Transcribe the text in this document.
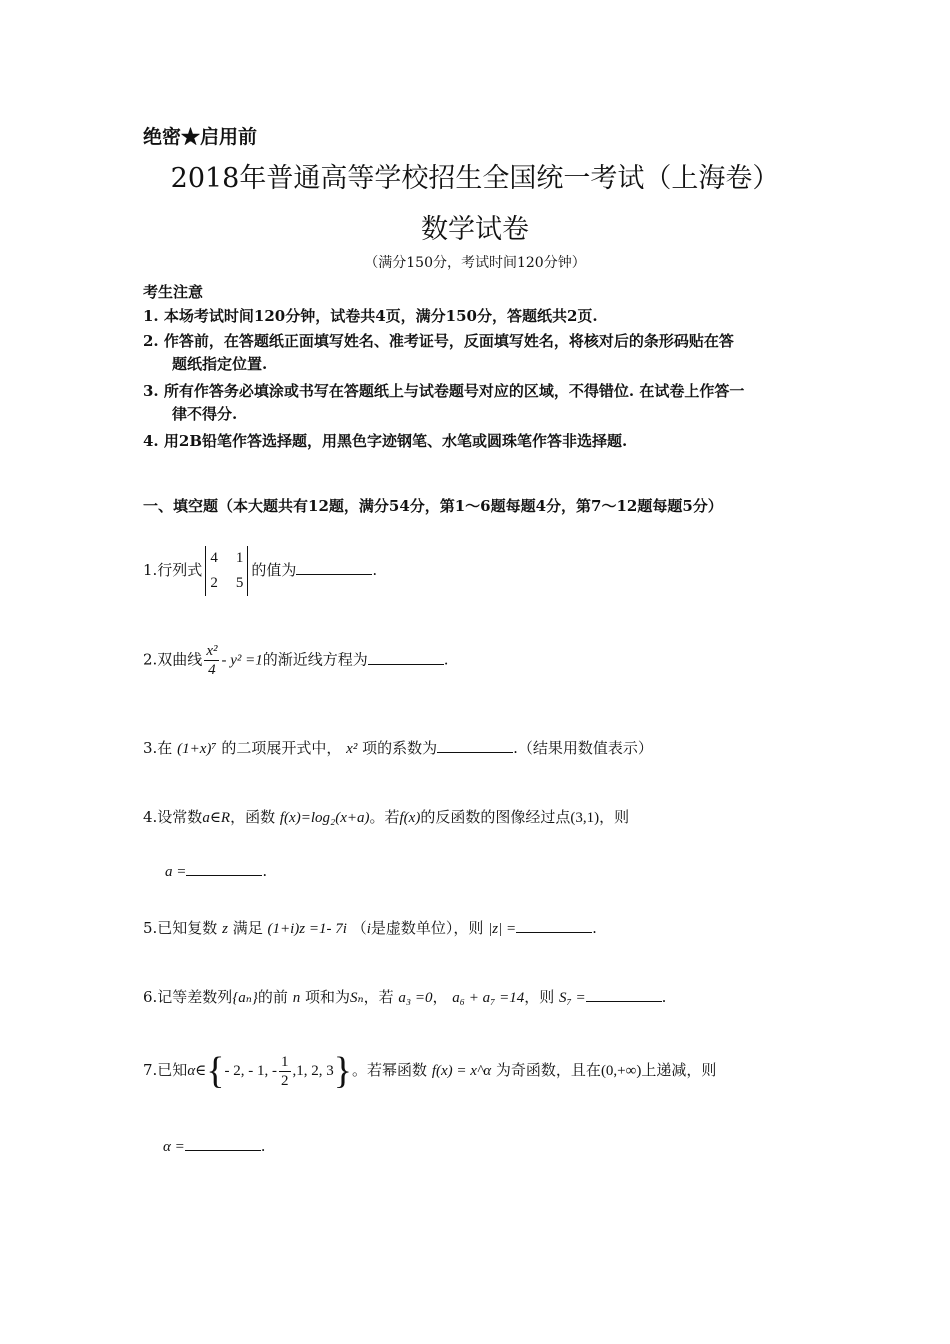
绝密★启用前
2018年普通高等学校招生全国统一考试（上海卷）
数学试卷
（满分150分，考试时间120分钟）
考生注意
1. 本场考试时间120分钟，试卷共4页，满分150分，答题纸共2页.
2. 作答前，在答题纸正面填写姓名、准考证号，反面填写姓名，将核对后的条形码贴在答
题纸指定位置.
3. 所有作答务必填涂或书写在答题纸上与试卷题号对应的区域，不得错位. 在试卷上作答一
律不得分.
4. 用2B铅笔作答选择题，用黑色字迹钢笔、水笔或圆珠笔作答非选择题.
一、填空题（本大题共有12题，满分54分，第1～6题每题4分，第7～12题每题5分）
1.行列式
4 1
2 5
的值为	.
2.双曲线 $\frac{\text{x²}}{4} - y^2 =1$的渐近线方程为	.
3.在 (1+x)⁷ 的二项展开式中， x² 项的系数为	.（结果用数值表示）
4.设常数a∈R，函数 f(x)=log₂(x+a)。若f(x)的反函数的图像经过点(3,1)，则
a =	.
5.已知复数 z 满足 (1+i)z =1- 7i （i是虚数单位），则 |z| =	.
6.记等差数列{aₙ}的前 n 项和为Sₙ，若 a₃ =0， a₆ + a₇ =14，则 S₇ =	.
7.已知α∈{- 2, - 1, - $\frac{1}{2} ,1$, 2, 3}。若幂函数 f(x) = x^α 为奇函数，且在(0,+∞)上递减，则
α =	.
